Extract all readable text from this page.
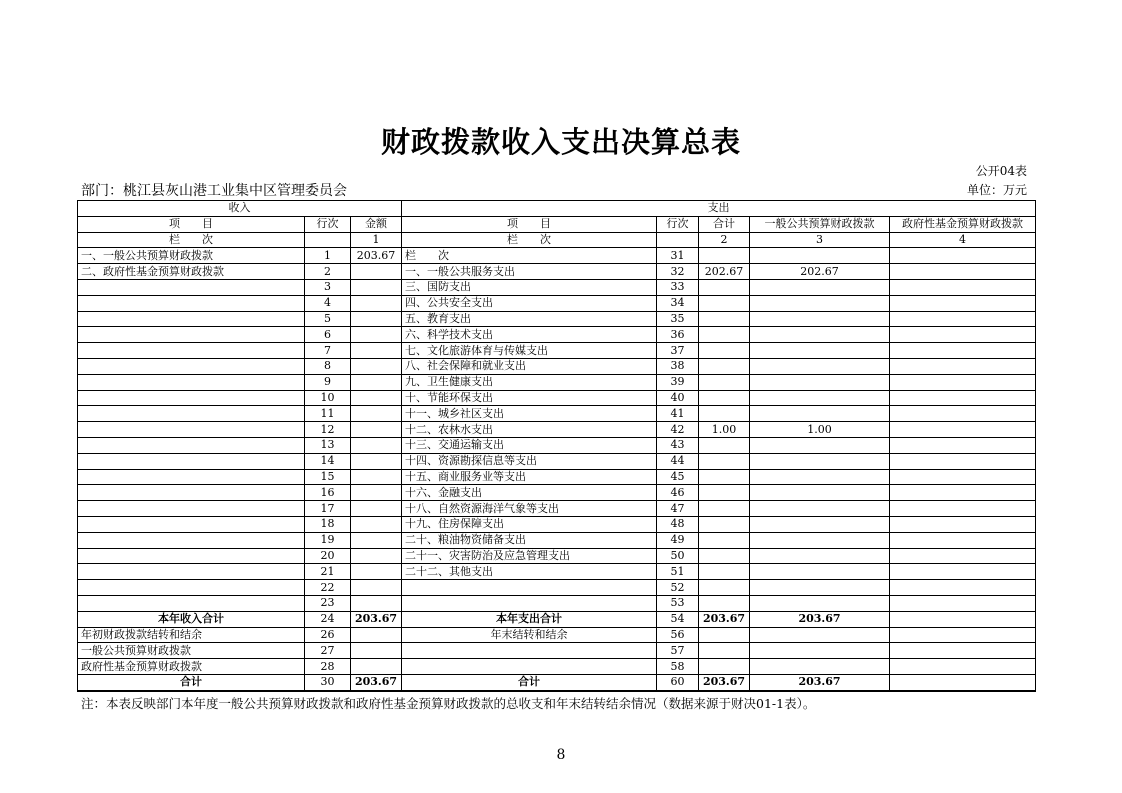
财政拨款收入支出决算总表
公开04表
部门：桃江县灰山港工业集中区管理委员会	单位：万元
收入			支出				
项　　目	行次	金额	项　　目	行次	合计	一般公共预算财政拨款	政府性基金预算财政拨款
栏　　次		1	栏　　次		2	3	4
一、一般公共预算财政拨款	1	203.67	栏　　次	31			
二、政府性基金预算财政拨款	2		一、一般公共服务支出	32	202.67	202.67	
	3		三、国防支出	33			
	4		四、公共安全支出	34			
	5		五、教育支出	35			
	6		六、科学技术支出	36			
	7		七、文化旅游体育与传媒支出	37			
	8		八、社会保障和就业支出	38			
	9		九、卫生健康支出	39			
	10		十、节能环保支出	40			
	11		十一、城乡社区支出	41			
	12		十二、农林水支出	42	1.00	1.00	
	13		十三、交通运输支出	43			
	14		十四、资源勘探信息等支出	44			
	15		十五、商业服务业等支出	45			
	16		十六、金融支出	46			
	17		十八、自然资源海洋气象等支出	47			
	18		十九、住房保障支出	48			
	19		二十、粮油物资储备支出	49			
	20		二十一、灾害防治及应急管理支出	50			
	21		二十二、其他支出	51			
	22			52			
	23			53			
本年收入合计	24	203.67	本年支出合计	54	203.67	203.67	
年初财政拨款结转和结余	26		年末结转和结余	56			
一般公共预算财政拨款	27			57			
政府性基金预算财政拨款	28			58			
合计	30	203.67	合计	60	203.67	203.67	
注：本表反映部门本年度一般公共预算财政拨款和政府性基金预算财政拨款的总收支和年末结转结余情况（数据来源于财决01-1表）。
8
